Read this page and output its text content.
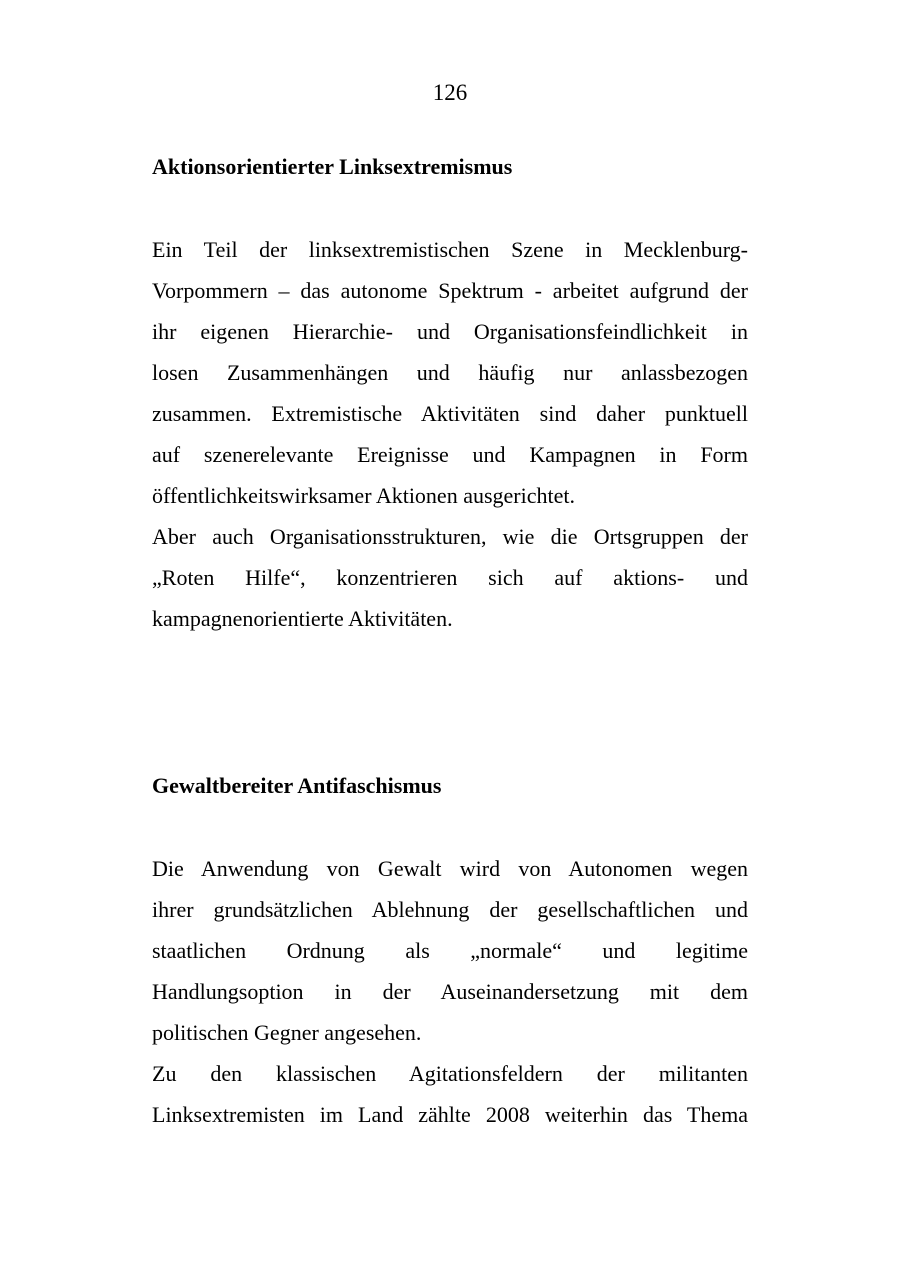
126
Aktionsorientierter Linksextremismus
Ein Teil der linksextremistischen Szene in Mecklenburg-
Vorpommern – das autonome Spektrum - arbeitet aufgrund der
ihr eigenen Hierarchie- und Organisationsfeindlichkeit in
losen Zusammenhängen und häufig nur anlassbezogen
zusammen. Extremistische Aktivitäten sind daher punktuell
auf szenerelevante Ereignisse und Kampagnen in Form
öffentlichkeitswirksamer Aktionen ausgerichtet.
Aber auch Organisationsstrukturen, wie die Ortsgruppen der
„Roten Hilfe“, konzentrieren sich auf aktions- und
kampagnenorientierte Aktivitäten.
Gewaltbereiter Antifaschismus
Die Anwendung von Gewalt wird von Autonomen wegen
ihrer grundsätzlichen Ablehnung der gesellschaftlichen und
staatlichen Ordnung als „normale“ und legitime
Handlungsoption in der Auseinandersetzung mit dem
politischen Gegner angesehen.
Zu den klassischen Agitationsfeldern der militanten
Linksextremisten im Land zählte 2008 weiterhin das Thema
